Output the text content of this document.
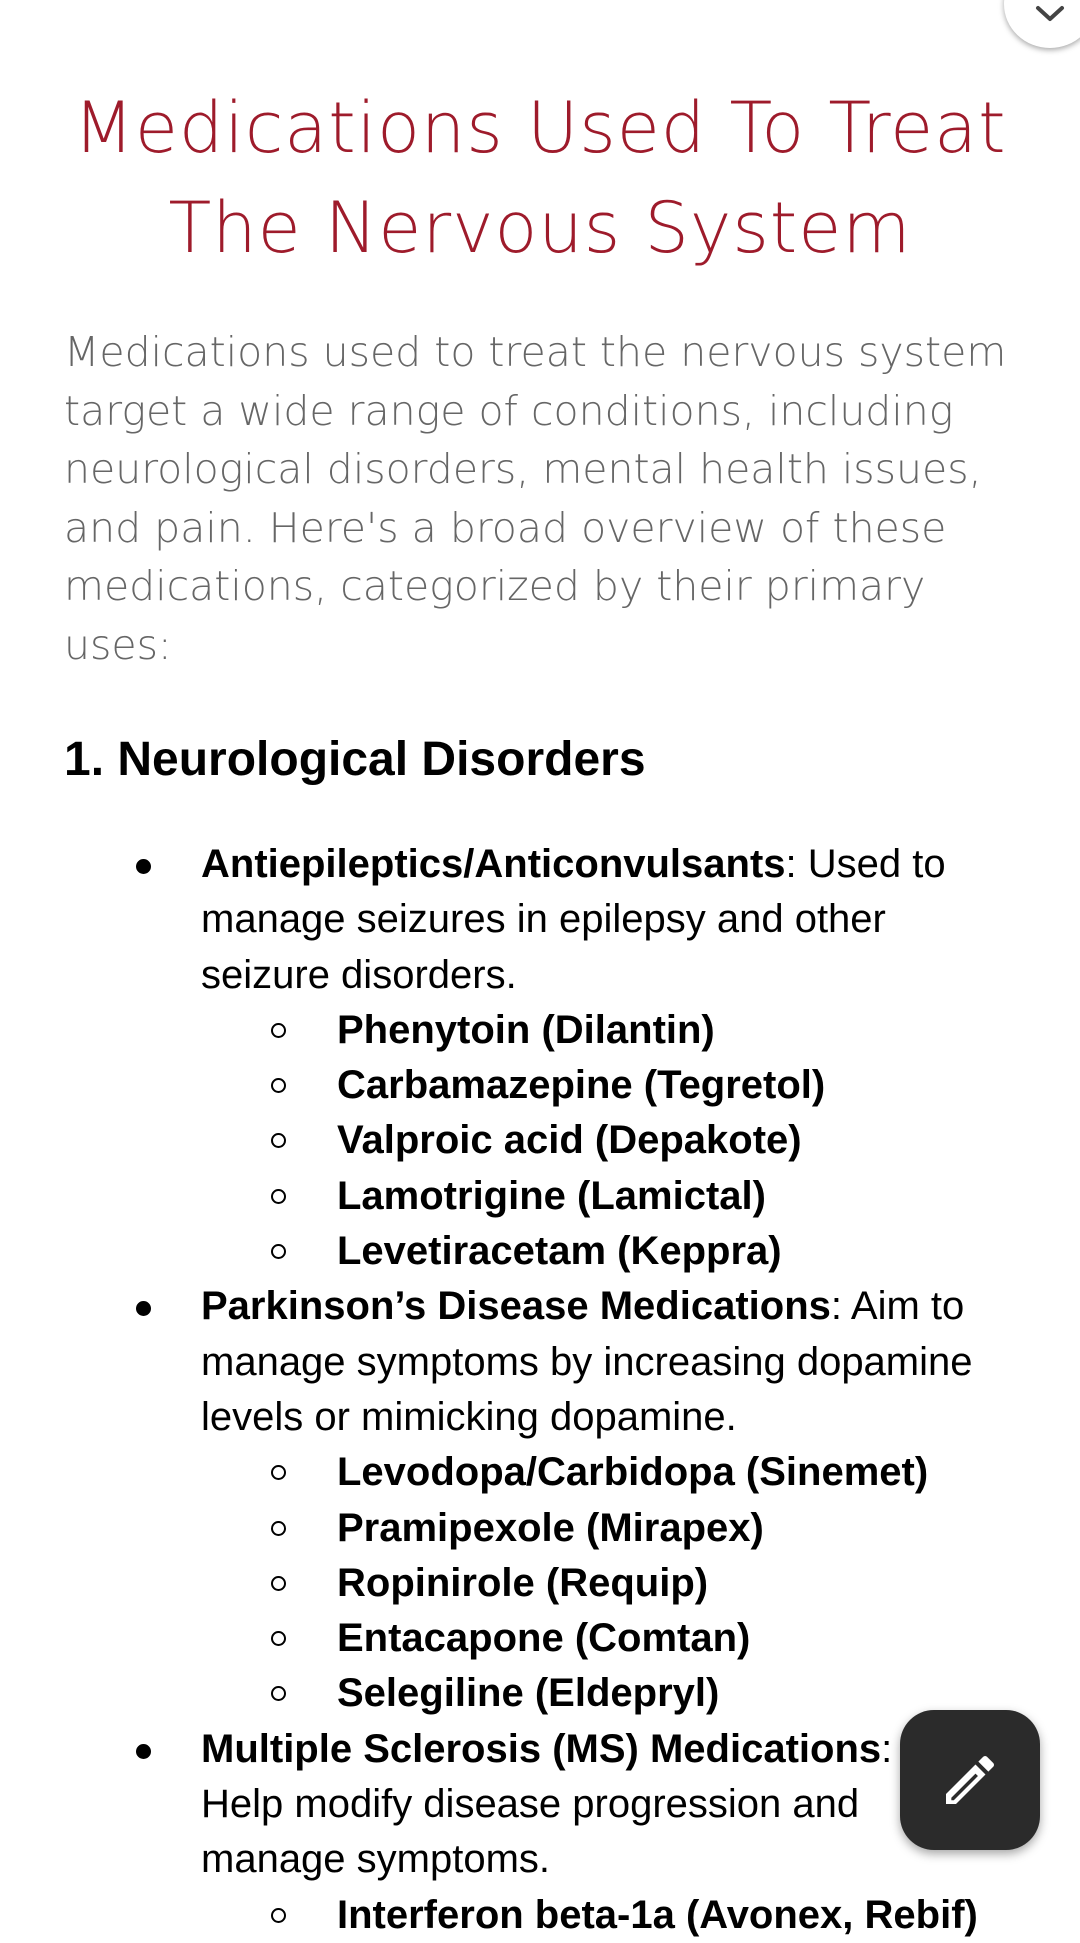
Medications Used To Treat
The Nervous System

Medications used to treat the nervous system
target a wide range of conditions, including
neurological disorders, mental health issues,
and pain. Here's a broad overview of these
medications, categorized by their primary
uses:

1. Neurological Disorders
Antiepileptics/Anticonvulsants: Used to
manage seizures in epilepsy and other
seizure disorders.
Phenytoin (Dilantin)
Carbamazepine (Tegretol)
Valproic acid (Depakote)
Lamotrigine (Lamictal)
Levetiracetam (Keppra)
Parkinson’s Disease Medications: Aim to
manage symptoms by increasing dopamine
levels or mimicking dopamine.
Levodopa/Carbidopa (Sinemet)
Pramipexole (Mirapex)
Ropinirole (Requip)
Entacapone (Comtan)
Selegiline (Eldepryl)
Multiple Sclerosis (MS) Medications:
Help modify disease progression and
manage symptoms.
Interferon beta-1a (Avonex, Rebif)
